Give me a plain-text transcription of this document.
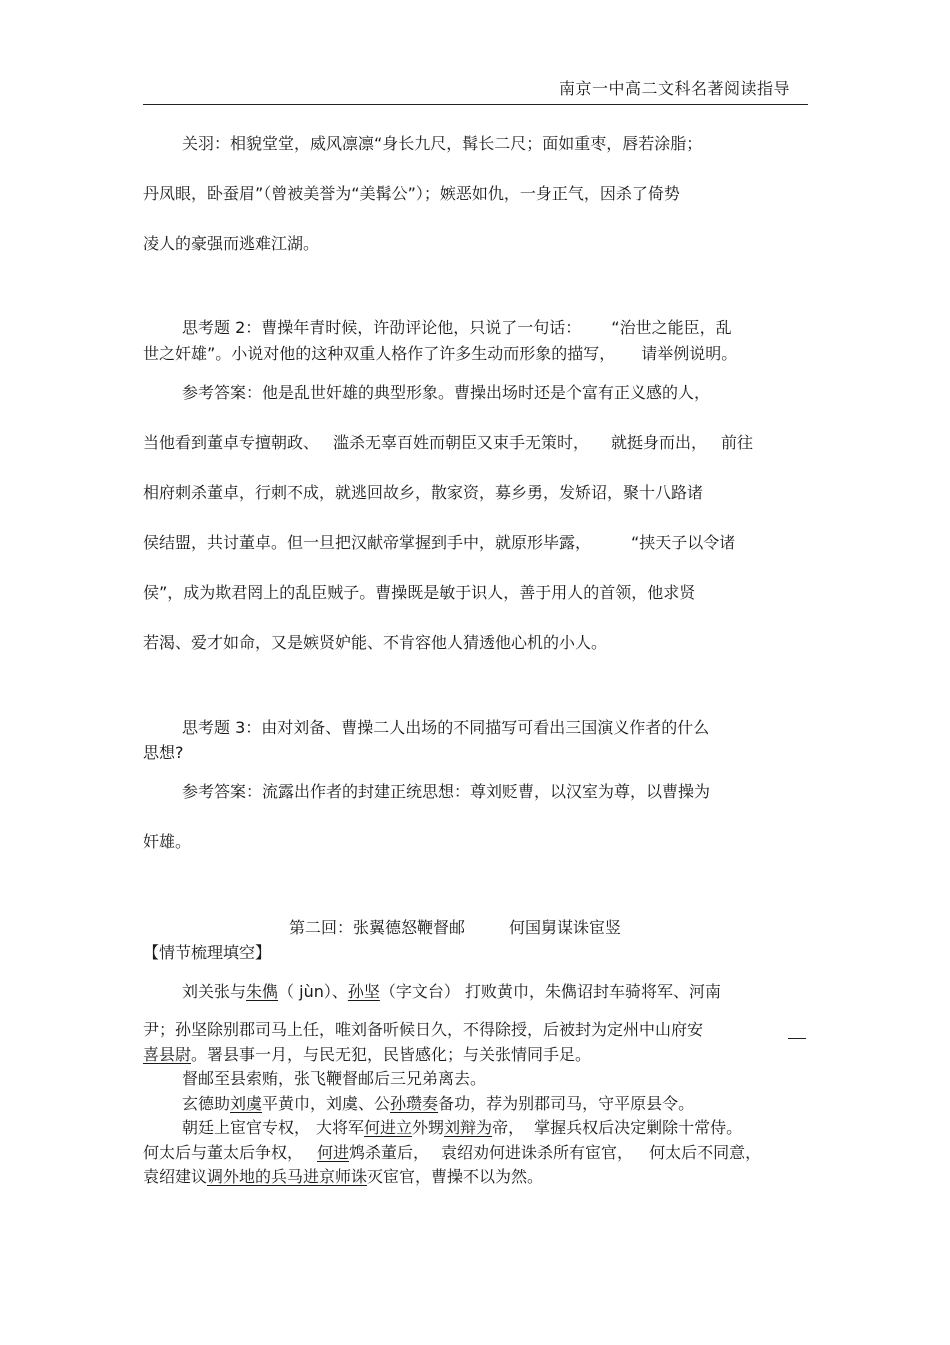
南京一中高二文科名著阅读指导
关羽：相貌堂堂，威风凛凛“身长九尺，髯长二尺；面如重枣，唇若涂脂；
丹凤眼，卧蚕眉”（曾被美誉为“美髯公”）；嫉恶如仇，一身正气，因杀了倚势
凌人的豪强而逃难江湖。
思考题 2：曹操年青时候，许劭评论他，只说了一句话： “治世之能臣，乱
世之奸雄”。小说对他的这种双重人格作了许多生动而形象的描写， 请举例说明。
参考答案：他是乱世奸雄的典型形象。曹操出场时还是个富有正义感的人，
当他看到董卓专擅朝政、 滥杀无辜百姓而朝臣又束手无策时， 就挺身而出， 前往
相府刺杀董卓，行刺不成，就逃回故乡，散家资，募乡勇，发矫诏，聚十八路诸
侯结盟，共讨董卓。但一旦把汉献帝掌握到手中，就原形毕露，	“挟天子以令诸
侯”，成为欺君罔上的乱臣贼子。曹操既是敏于识人，善于用人的首领，他求贤
若渴、爱才如命，又是嫉贤妒能、不肯容他人猜透他心机的小人。
思考题 3：由对刘备、曹操二人出场的不同描写可看出三国演义作者的什么
思想?
参考答案：流露出作者的封建正统思想：尊刘贬曹，以汉室为尊，以曹操为
奸雄。
第二回：张翼德怒鞭督邮	何国舅谋诛宦竖
【情节梳理填空】
刘关张与朱儁（ jùn）、孙坚（字文台） 打败黄巾，朱儁诏封车骑将军、河南
尹；孙坚除别郡司马上任，唯刘备听候日久，不得除授，后被封为定州中山府安
喜县尉。署县事一月，与民无犯，民皆感化；与关张情同手足。
督邮至县索贿，张飞鞭督邮后三兄弟离去。
玄德助刘虞平黄巾，刘虞、公孙瓒奏备功，荐为别郡司马，守平原县令。
朝廷上宦官专权， 大将军何进立外甥刘辩为帝， 掌握兵权后决定剿除十常侍。
何太后与董太后争权， 何进鸩杀董后， 袁绍劝何进诛杀所有宦官， 何太后不同意，
袁绍建议调外地的兵马进京师诛灭宦官，曹操不以为然。
